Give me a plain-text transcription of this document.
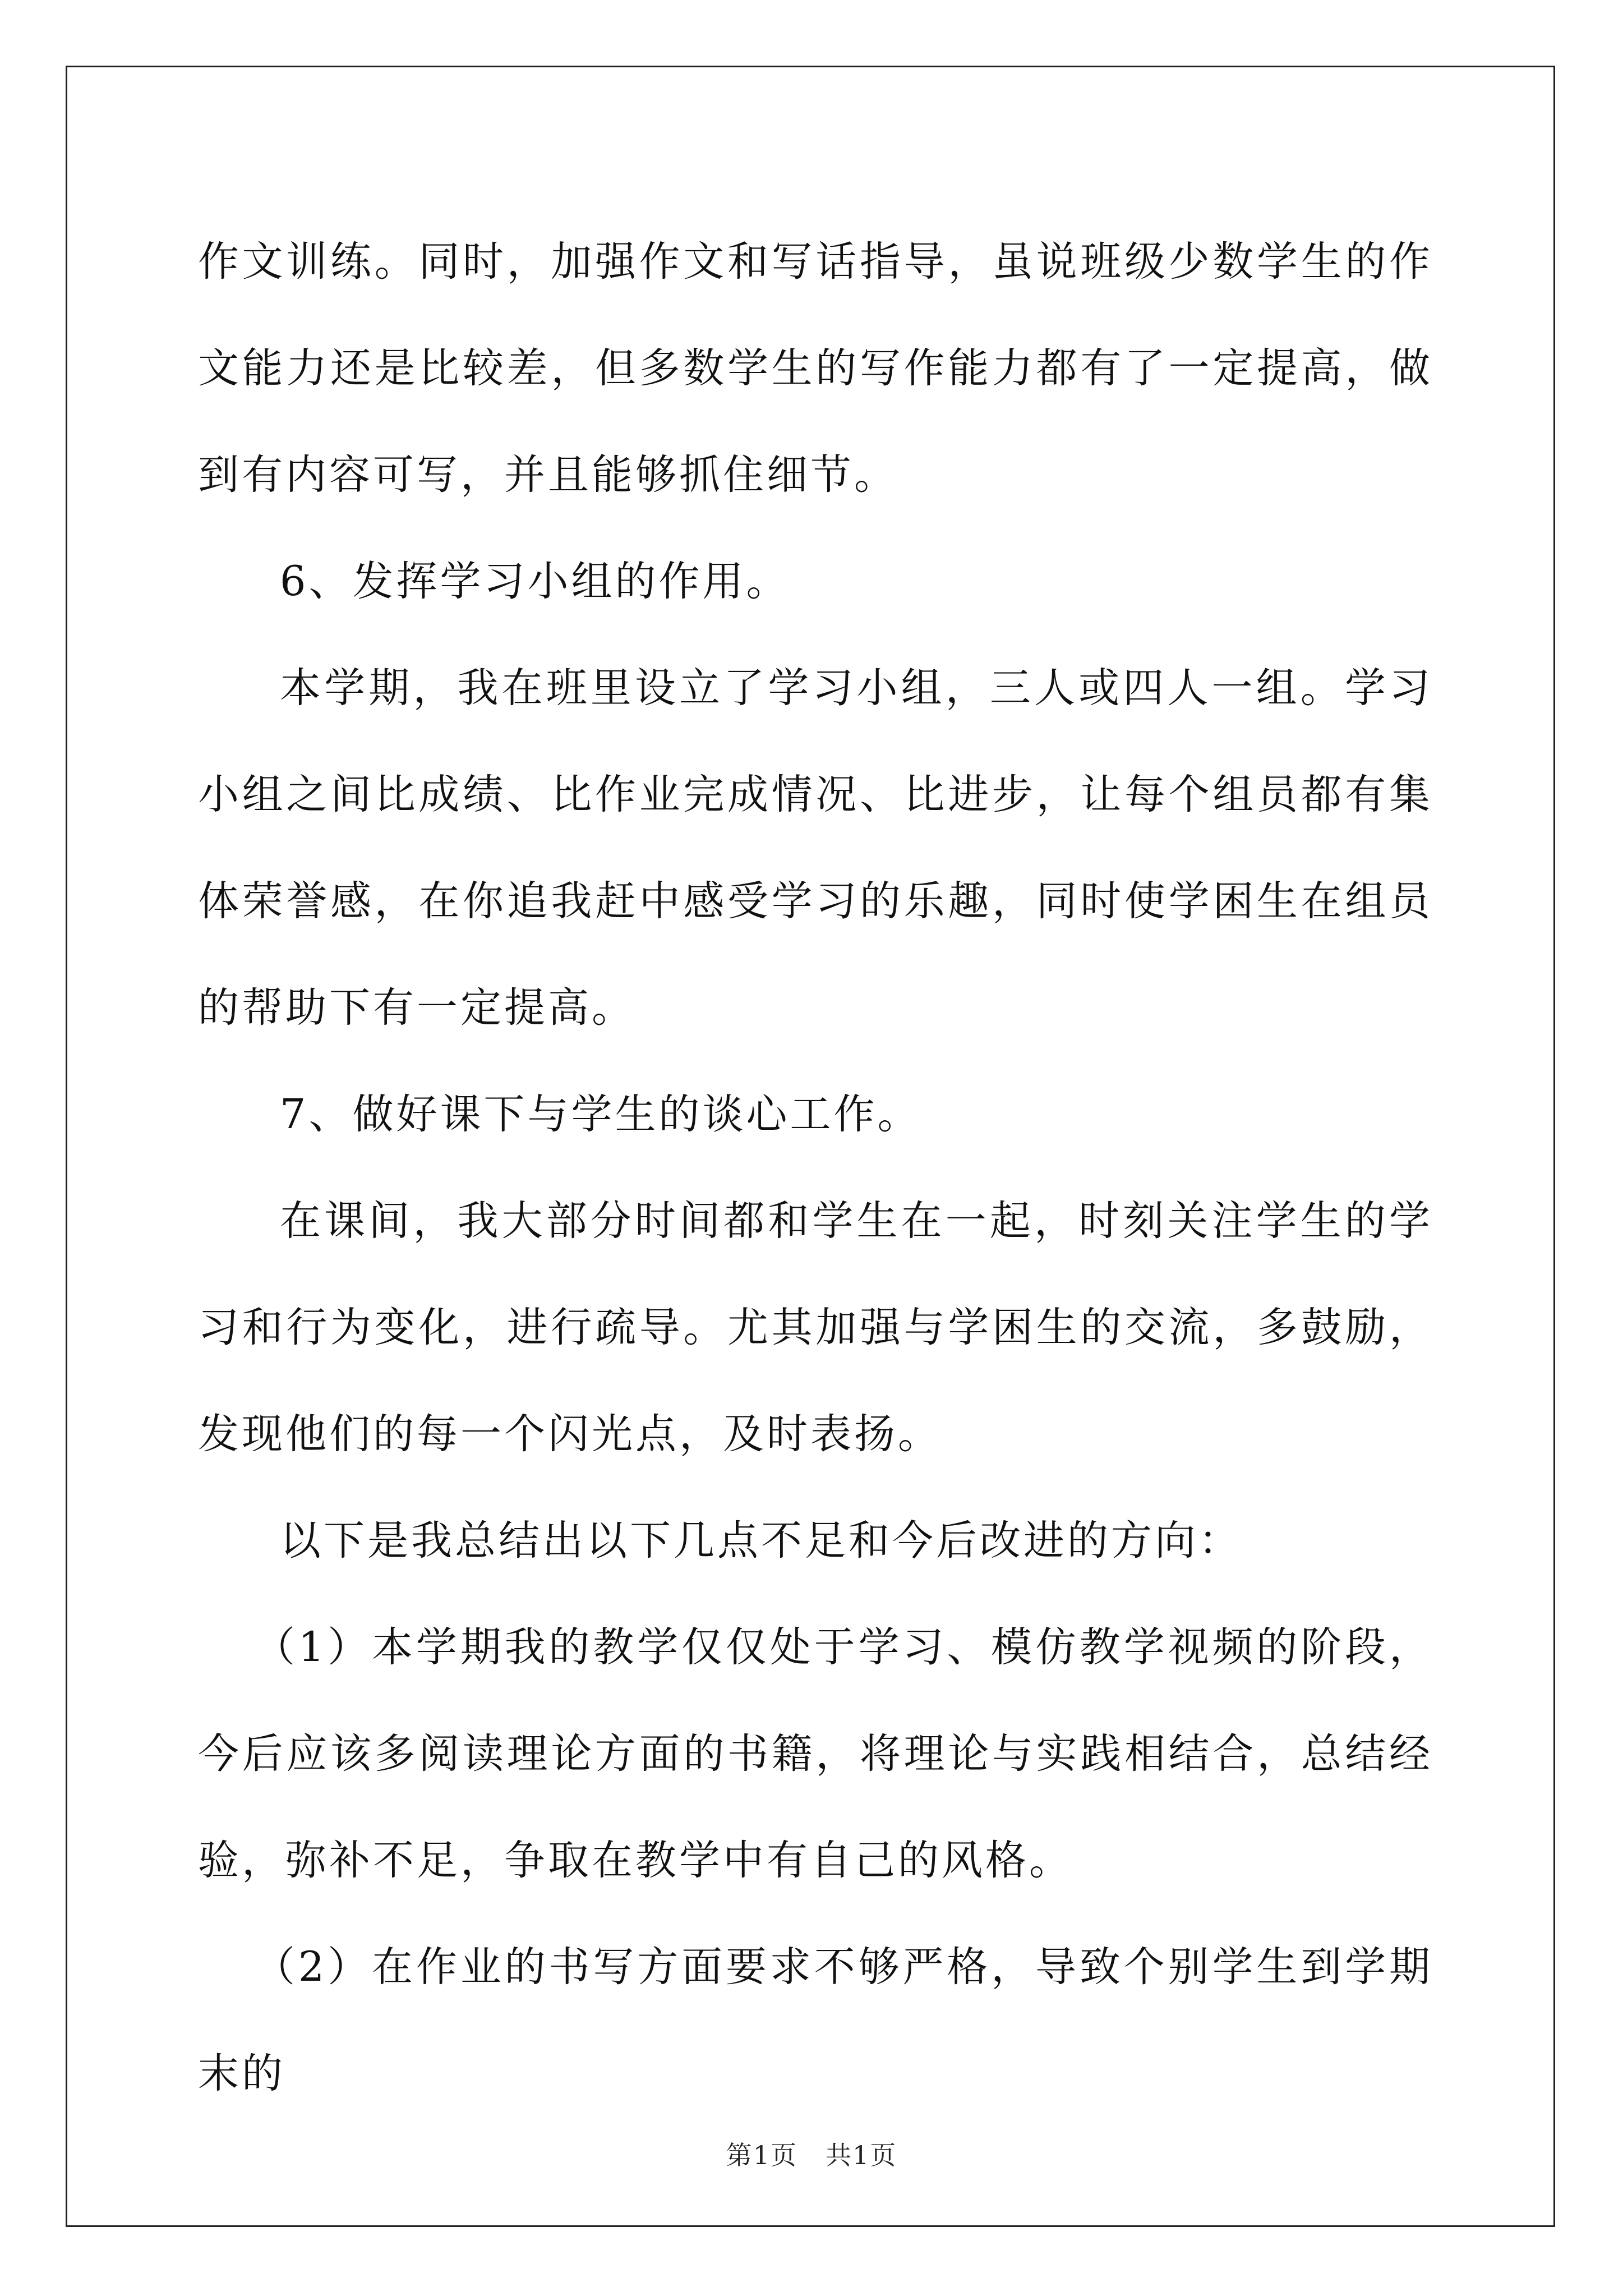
作文训练。同时，加强作文和写话指导，虽说班级少数学生的作文能力还是比较差，但多数学生的写作能力都有了一定提高，做到有内容可写，并且能够抓住细节。

6、发挥学习小组的作用。

本学期，我在班里设立了学习小组，三人或四人一组。学习小组之间比成绩、比作业完成情况、比进步，让每个组员都有集体荣誉感，在你追我赶中感受学习的乐趣，同时使学困生在组员的帮助下有一定提高。

7、做好课下与学生的谈心工作。

在课间，我大部分时间都和学生在一起，时刻关注学生的学习和行为变化，进行疏导。尤其加强与学困生的交流，多鼓励，发现他们的每一个闪光点，及时表扬。

以下是我总结出以下几点不足和今后改进的方向：

（1）本学期我的教学仅仅处于学习、模仿教学视频的阶段，今后应该多阅读理论方面的书籍，将理论与实践相结合，总结经验，弥补不足，争取在教学中有自己的风格。

（2）在作业的书写方面要求不够严格，导致个别学生到学期末的

第1页 共1页
